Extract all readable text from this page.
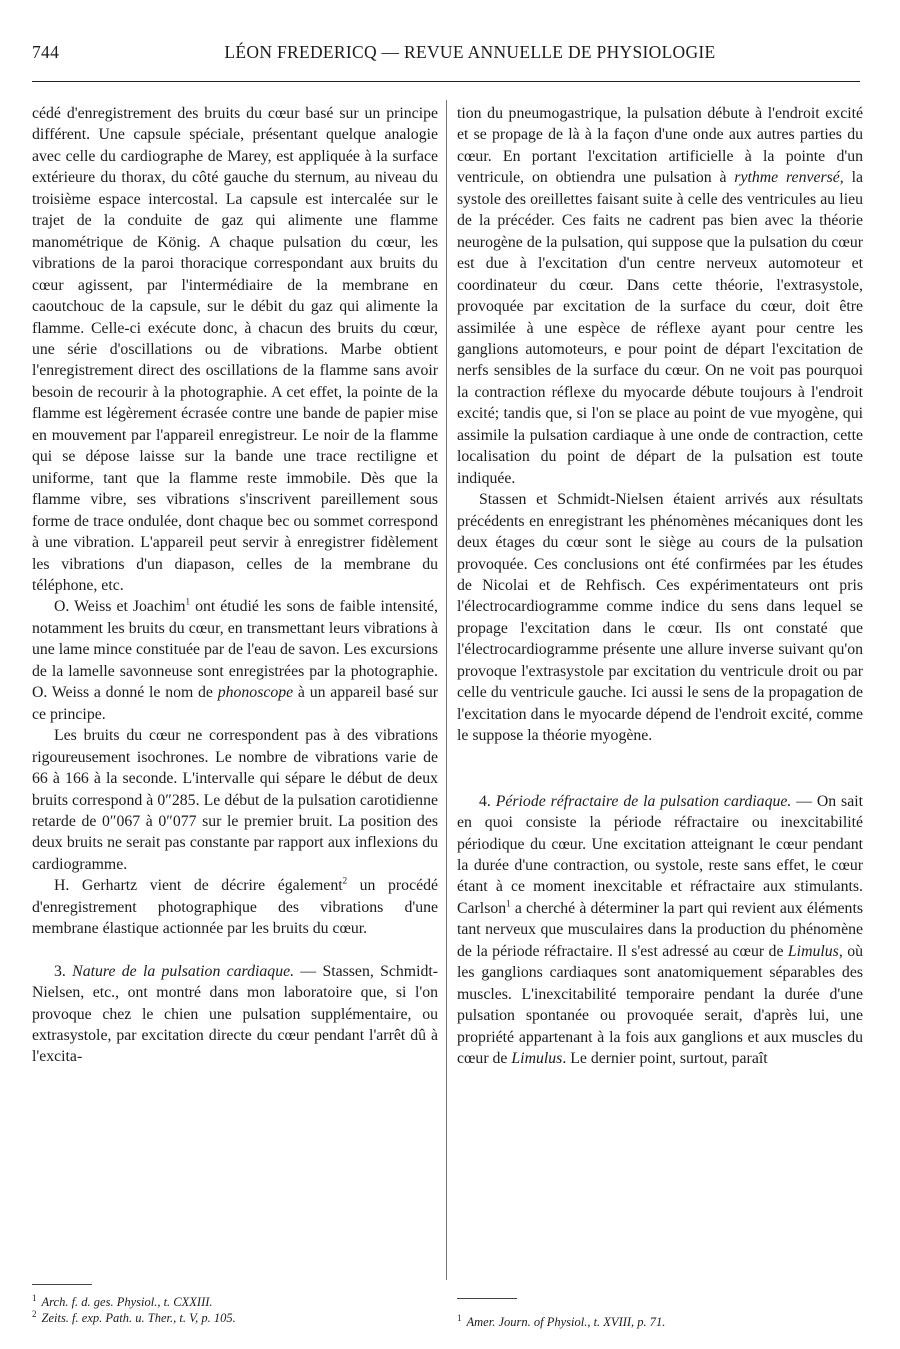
744	LÉON FREDERICQ — REVUE ANNUELLE DE PHYSIOLOGIE

cédé d'enregistrement des bruits du cœur basé sur un principe différent. Une capsule spéciale, présentant quelque analogie avec celle du cardiographe de Marey, est appliquée à la surface extérieure du thorax, du côté gauche du sternum, au niveau du troisième espace intercostal. La capsule est intercalée sur le trajet de la conduite de gaz qui alimente une flamme manométrique de König. A chaque pulsation du cœur, les vibrations de la paroi thoracique correspondant aux bruits du cœur agissent, par l'intermédiaire de la membrane en caoutchouc de la capsule, sur le débit du gaz qui alimente la flamme. Celle-ci exécute donc, à chacun des bruits du cœur, une série d'oscillations ou de vibrations. Marbe obtient l'enregistrement direct des oscillations de la flamme sans avoir besoin de recourir à la photographie. A cet effet, la pointe de la flamme est légèrement écrasée contre une bande de papier mise en mouvement par l'appareil enregistreur. Le noir de la flamme qui se dépose laisse sur la bande une trace rectiligne et uniforme, tant que la flamme reste immobile. Dès que la flamme vibre, ses vibrations s'inscrivent pareillement sous forme de trace ondulée, dont chaque bec ou sommet correspond à une vibration. L'appareil peut servir à enregistrer fidèlement les vibrations d'un diapason, celles de la membrane du téléphone, etc.

O. Weiss et Joachim$^1$ ont étudié les sons de faible intensité, notamment les bruits du cœur, en transmettant leurs vibrations à une lame mince constituée par de l'eau de savon. Les excursions de la lamelle savonneuse sont enregistrées par la photographie. O. Weiss a donné le nom de phonoscope à un appareil basé sur ce principe.

Les bruits du cœur ne correspondent pas à des vibrations rigoureusement isochrones. Le nombre de vibrations varie de 66 à 166 à la seconde. L'intervalle qui sépare le début de deux bruits correspond à 0″285. Le début de la pulsation carotidienne retarde de 0″067 à 0″077 sur le premier bruit. La position des deux bruits ne serait pas constante par rapport aux inflexions du cardiogramme.

H. Gerhartz vient de décrire également$^2$ un procédé d'enregistrement photographique des vibrations d'une membrane élastique actionnée par les bruits du cœur.

3. Nature de la pulsation cardiaque. — Stassen, Schmidt-Nielsen, etc., ont montré dans mon laboratoire que, si l'on provoque chez le chien une pulsation supplémentaire, ou extrasystole, par excitation directe du cœur pendant l'arrêt dû à l'excita-

tion du pneumogastrique, la pulsation débute à l'endroit excité et se propage de là à la façon d'une onde aux autres parties du cœur. En portant l'excitation artificielle à la pointe d'un ventricule, on obtiendra une pulsation à rythme renversé, la systole des oreillettes faisant suite à celle des ventricules au lieu de la précéder. Ces faits ne cadrent pas bien avec la théorie neurogène de la pulsation, qui suppose que la pulsation du cœur est due à l'excitation d'un centre nerveux automoteur et coordinateur du cœur. Dans cette théorie, l'extrasystole, provoquée par excitation de la surface du cœur, doit être assimilée à une espèce de réflexe ayant pour centre les ganglions automoteurs, e pour point de départ l'excitation de nerfs sensibles de la surface du cœur. On ne voit pas pourquoi la contraction réflexe du myocarde débute toujours à l'endroit excité; tandis que, si l'on se place au point de vue myogène, qui assimile la pulsation cardiaque à une onde de contraction, cette localisation du point de départ de la pulsation est toute indiquée.

Stassen et Schmidt-Nielsen étaient arrivés aux résultats précédents en enregistrant les phénomènes mécaniques dont les deux étages du cœur sont le siège au cours de la pulsation provoquée. Ces conclusions ont été confirmées par les études de Nicolai et de Rehfisch. Ces expérimentateurs ont pris l'électrocardiogramme comme indice du sens dans lequel se propage l'excitation dans le cœur. Ils ont constaté que l'électrocardiogramme présente une allure inverse suivant qu'on provoque l'extrasystole par excitation du ventricule droit ou par celle du ventricule gauche. Ici aussi le sens de la propagation de l'excitation dans le myocarde dépend de l'endroit excité, comme le suppose la théorie myogène.

4. Période réfractaire de la pulsation cardiaque. — On sait en quoi consiste la période réfractaire ou inexcitabilité périodique du cœur. Une excitation atteignant le cœur pendant la durée d'une contraction, ou systole, reste sans effet, le cœur étant à ce moment inexcitable et réfractaire aux stimulants. Carlson$^1$ a cherché à déterminer la part qui revient aux éléments tant nerveux que musculaires dans la production du phénomène de la période réfractaire. Il s'est adressé au cœur de Limulus, où les ganglions cardiaques sont anatomiquement séparables des muscles. L'inexcitabilité temporaire pendant la durée d'une pulsation spontanée ou provoquée serait, d'après lui, une propriété appartenant à la fois aux ganglions et aux muscles du cœur de Limulus. Le dernier point, surtout, paraît

$^1$ Arch. f. d. ges. Physiol., t. CXXIII.
$^2$ Zeits. f. exp. Path. u. Ther., t. V, p. 105.	$^1$ Amer. Journ. of Physiol., t. XVIII, p. 71.
